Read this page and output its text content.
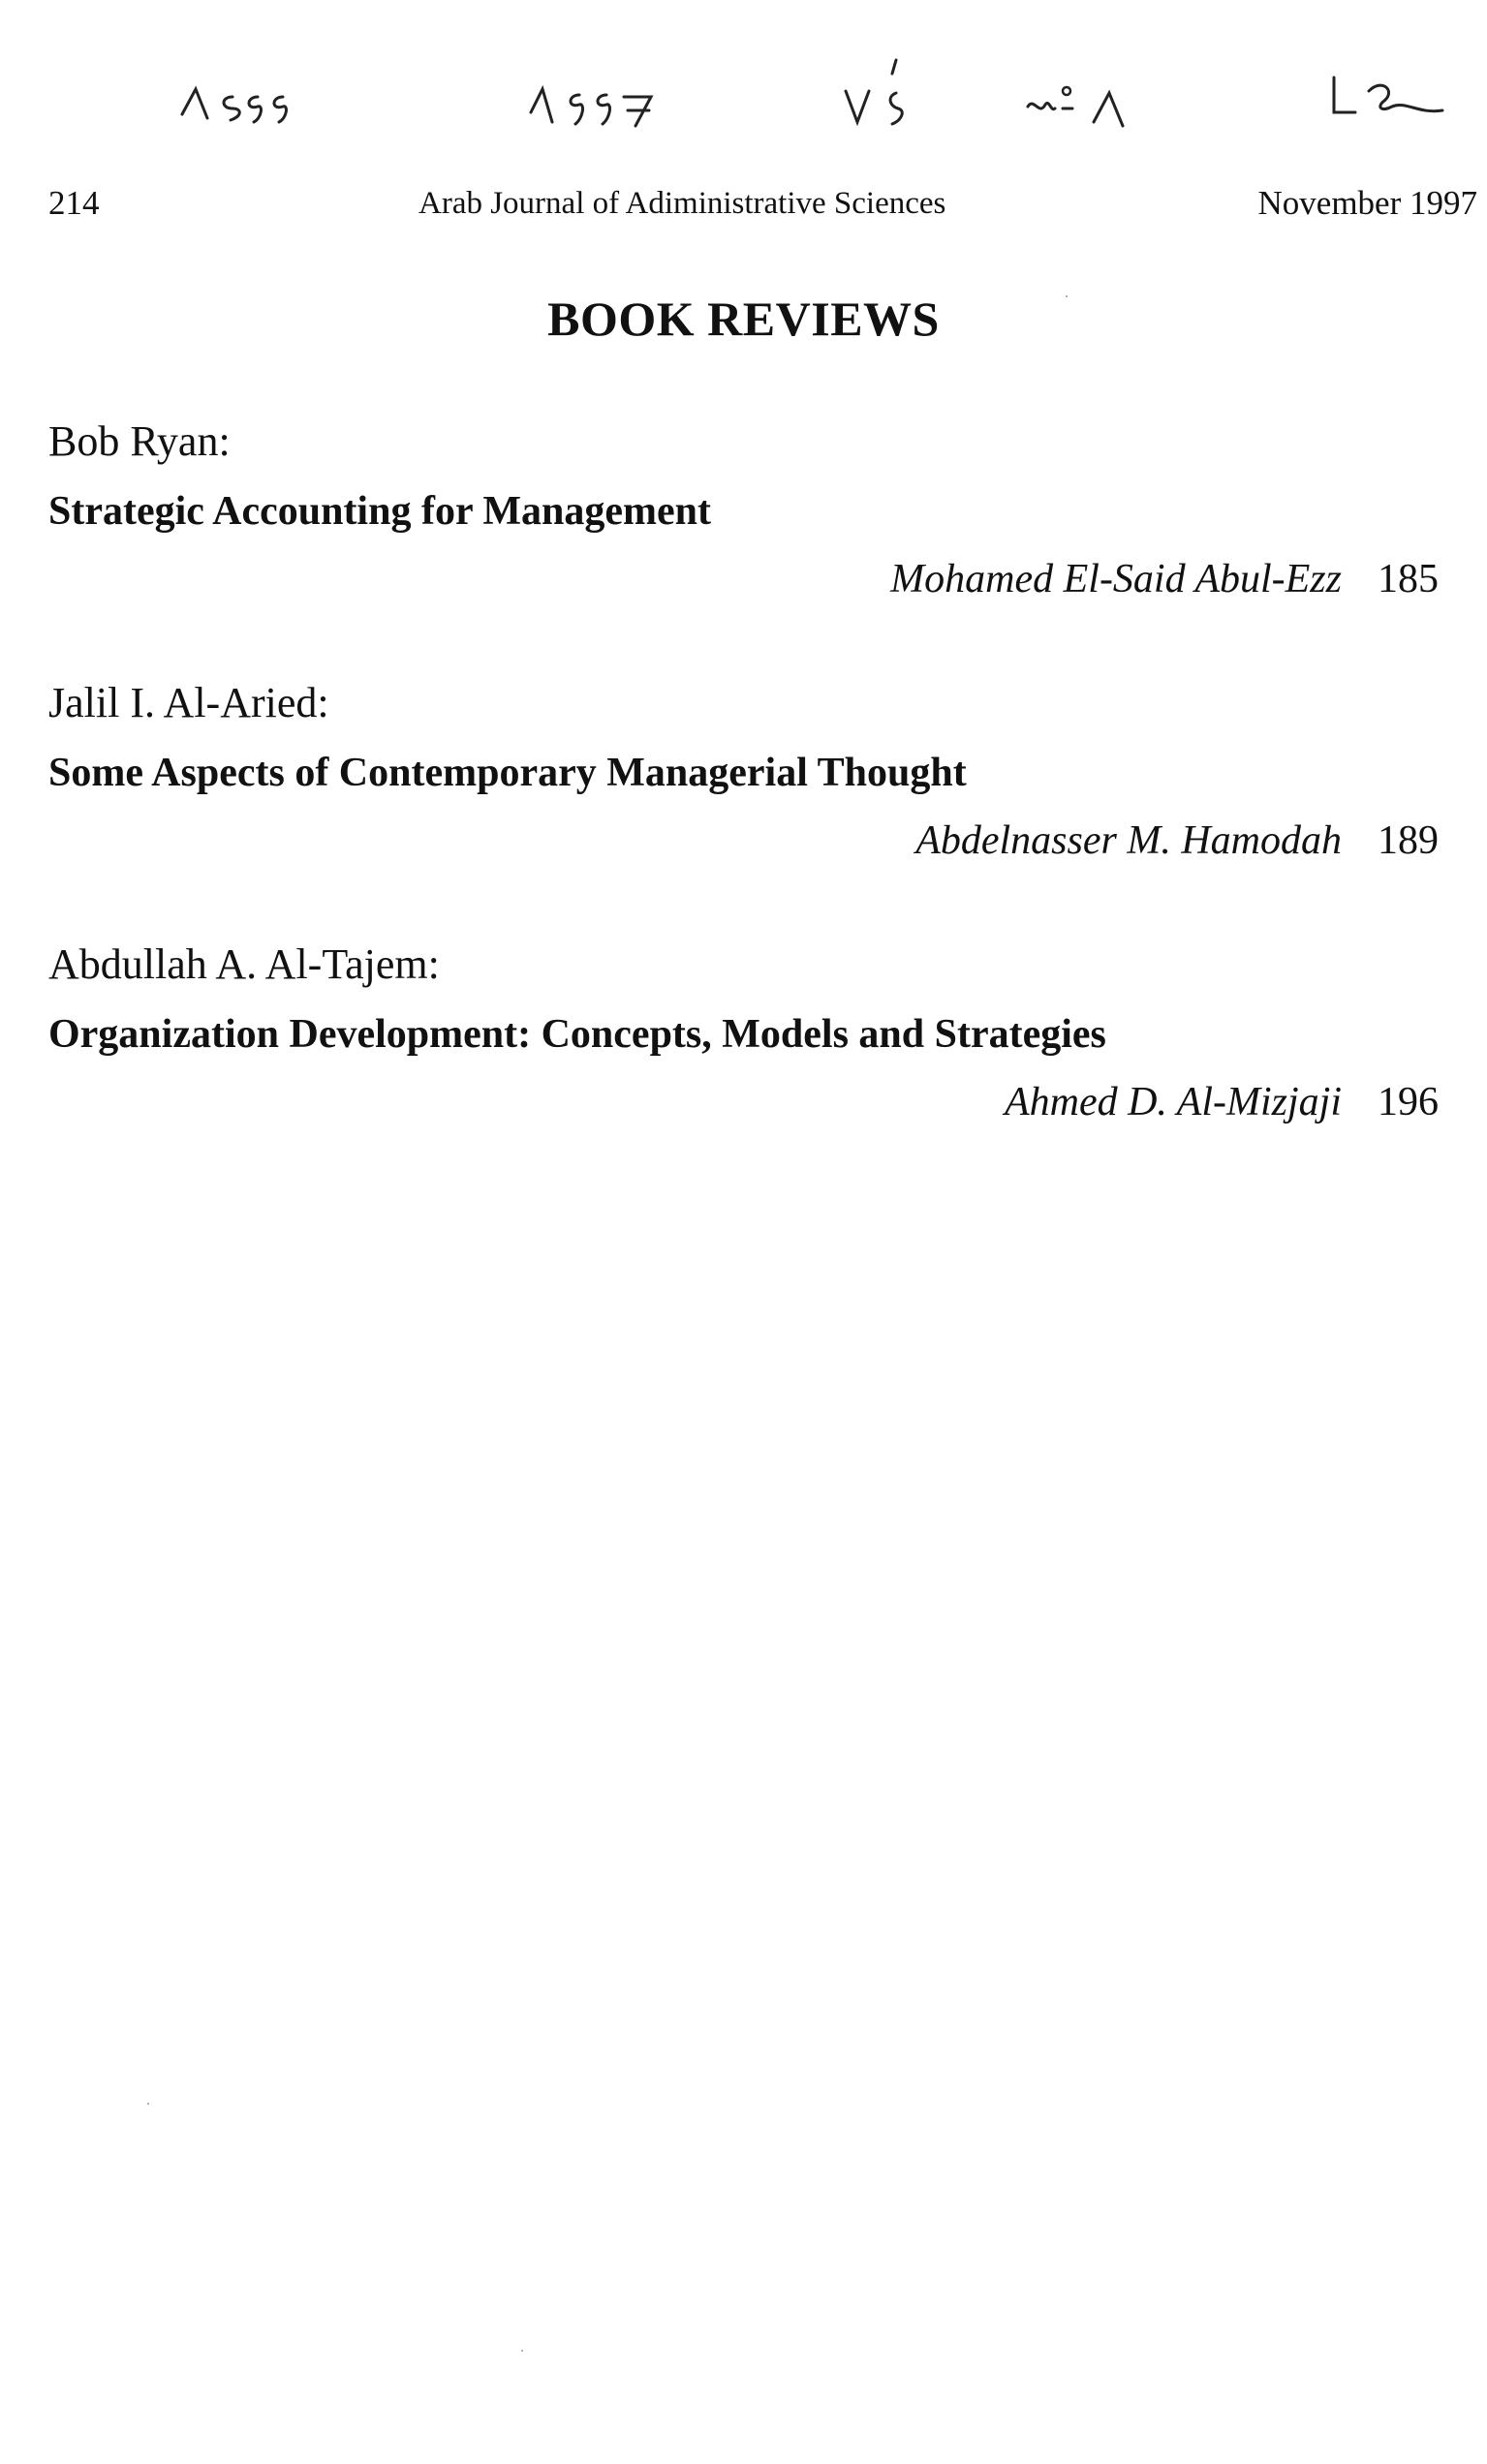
214	Arab Journal of Adiministrative Sciences	November 1997
BOOK REVIEWS
Bob Ryan:
Strategic Accounting for Management
Mohamed El-Said Abul-Ezz 185
Jalil I. Al-Aried:
Some Aspects of Contemporary Managerial Thought
Abdelnasser M. Hamodah 189
Abdullah A. Al-Tajem:
Organization Development: Concepts, Models and Strategies
Ahmed D. Al-Mizjaji 196
